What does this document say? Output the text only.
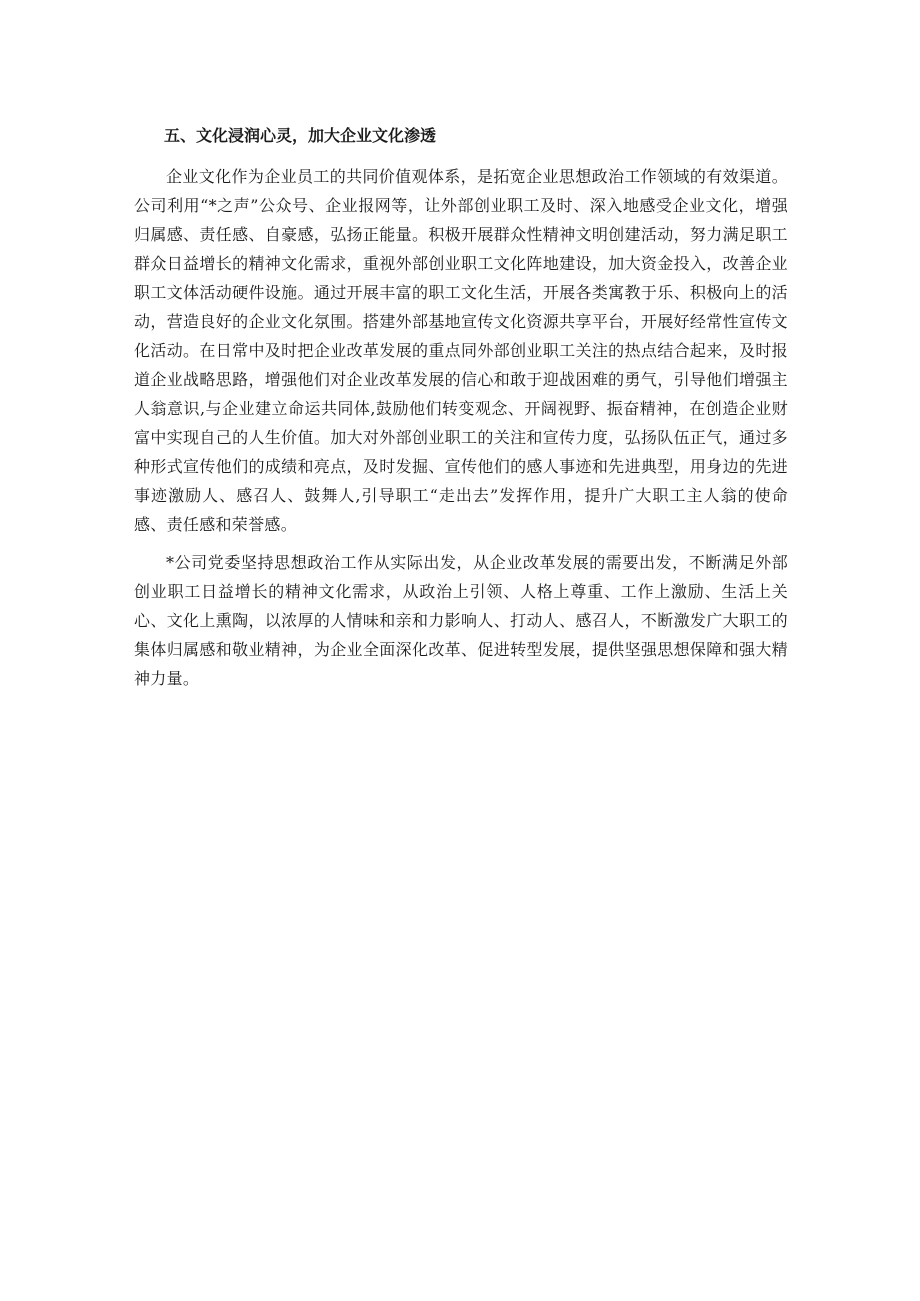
五、文化浸润心灵，加大企业文化渗透

企业文化作为企业员工的共同价值观体系，是拓宽企业思想政治工作领域的有效渠道。公司利用“*之声”公众号、企业报网等，让外部创业职工及时、深入地感受企业文化，增强归属感、责任感、自豪感，弘扬正能量。积极开展群众性精神文明创建活动，努力满足职工群众日益增长的精神文化需求，重视外部创业职工文化阵地建设，加大资金投入，改善企业职工文体活动硬件设施。通过开展丰富的职工文化生活，开展各类寓教于乐、积极向上的活动，营造良好的企业文化氛围。搭建外部基地宣传文化资源共享平台，开展好经常性宣传文化活动。在日常中及时把企业改革发展的重点同外部创业职工关注的热点结合起来，及时报道企业战略思路，增强他们对企业改革发展的信心和敢于迎战困难的勇气，引导他们增强主人翁意识,与企业建立命运共同体,鼓励他们转变观念、开阔视野、振奋精神，在创造企业财富中实现自己的人生价值。加大对外部创业职工的关注和宣传力度，弘扬队伍正气，通过多种形式宣传他们的成绩和亮点，及时发掘、宣传他们的感人事迹和先进典型，用身边的先进事迹激励人、感召人、鼓舞人,引导职工“走出去”发挥作用，提升广大职工主人翁的使命感、责任感和荣誉感。

*公司党委坚持思想政治工作从实际出发，从企业改革发展的需要出发，不断满足外部创业职工日益增长的精神文化需求，从政治上引领、人格上尊重、工作上激励、生活上关心、文化上熏陶，以浓厚的人情味和亲和力影响人、打动人、感召人，不断激发广大职工的集体归属感和敬业精神，为企业全面深化改革、促进转型发展，提供坚强思想保障和强大精神力量。
